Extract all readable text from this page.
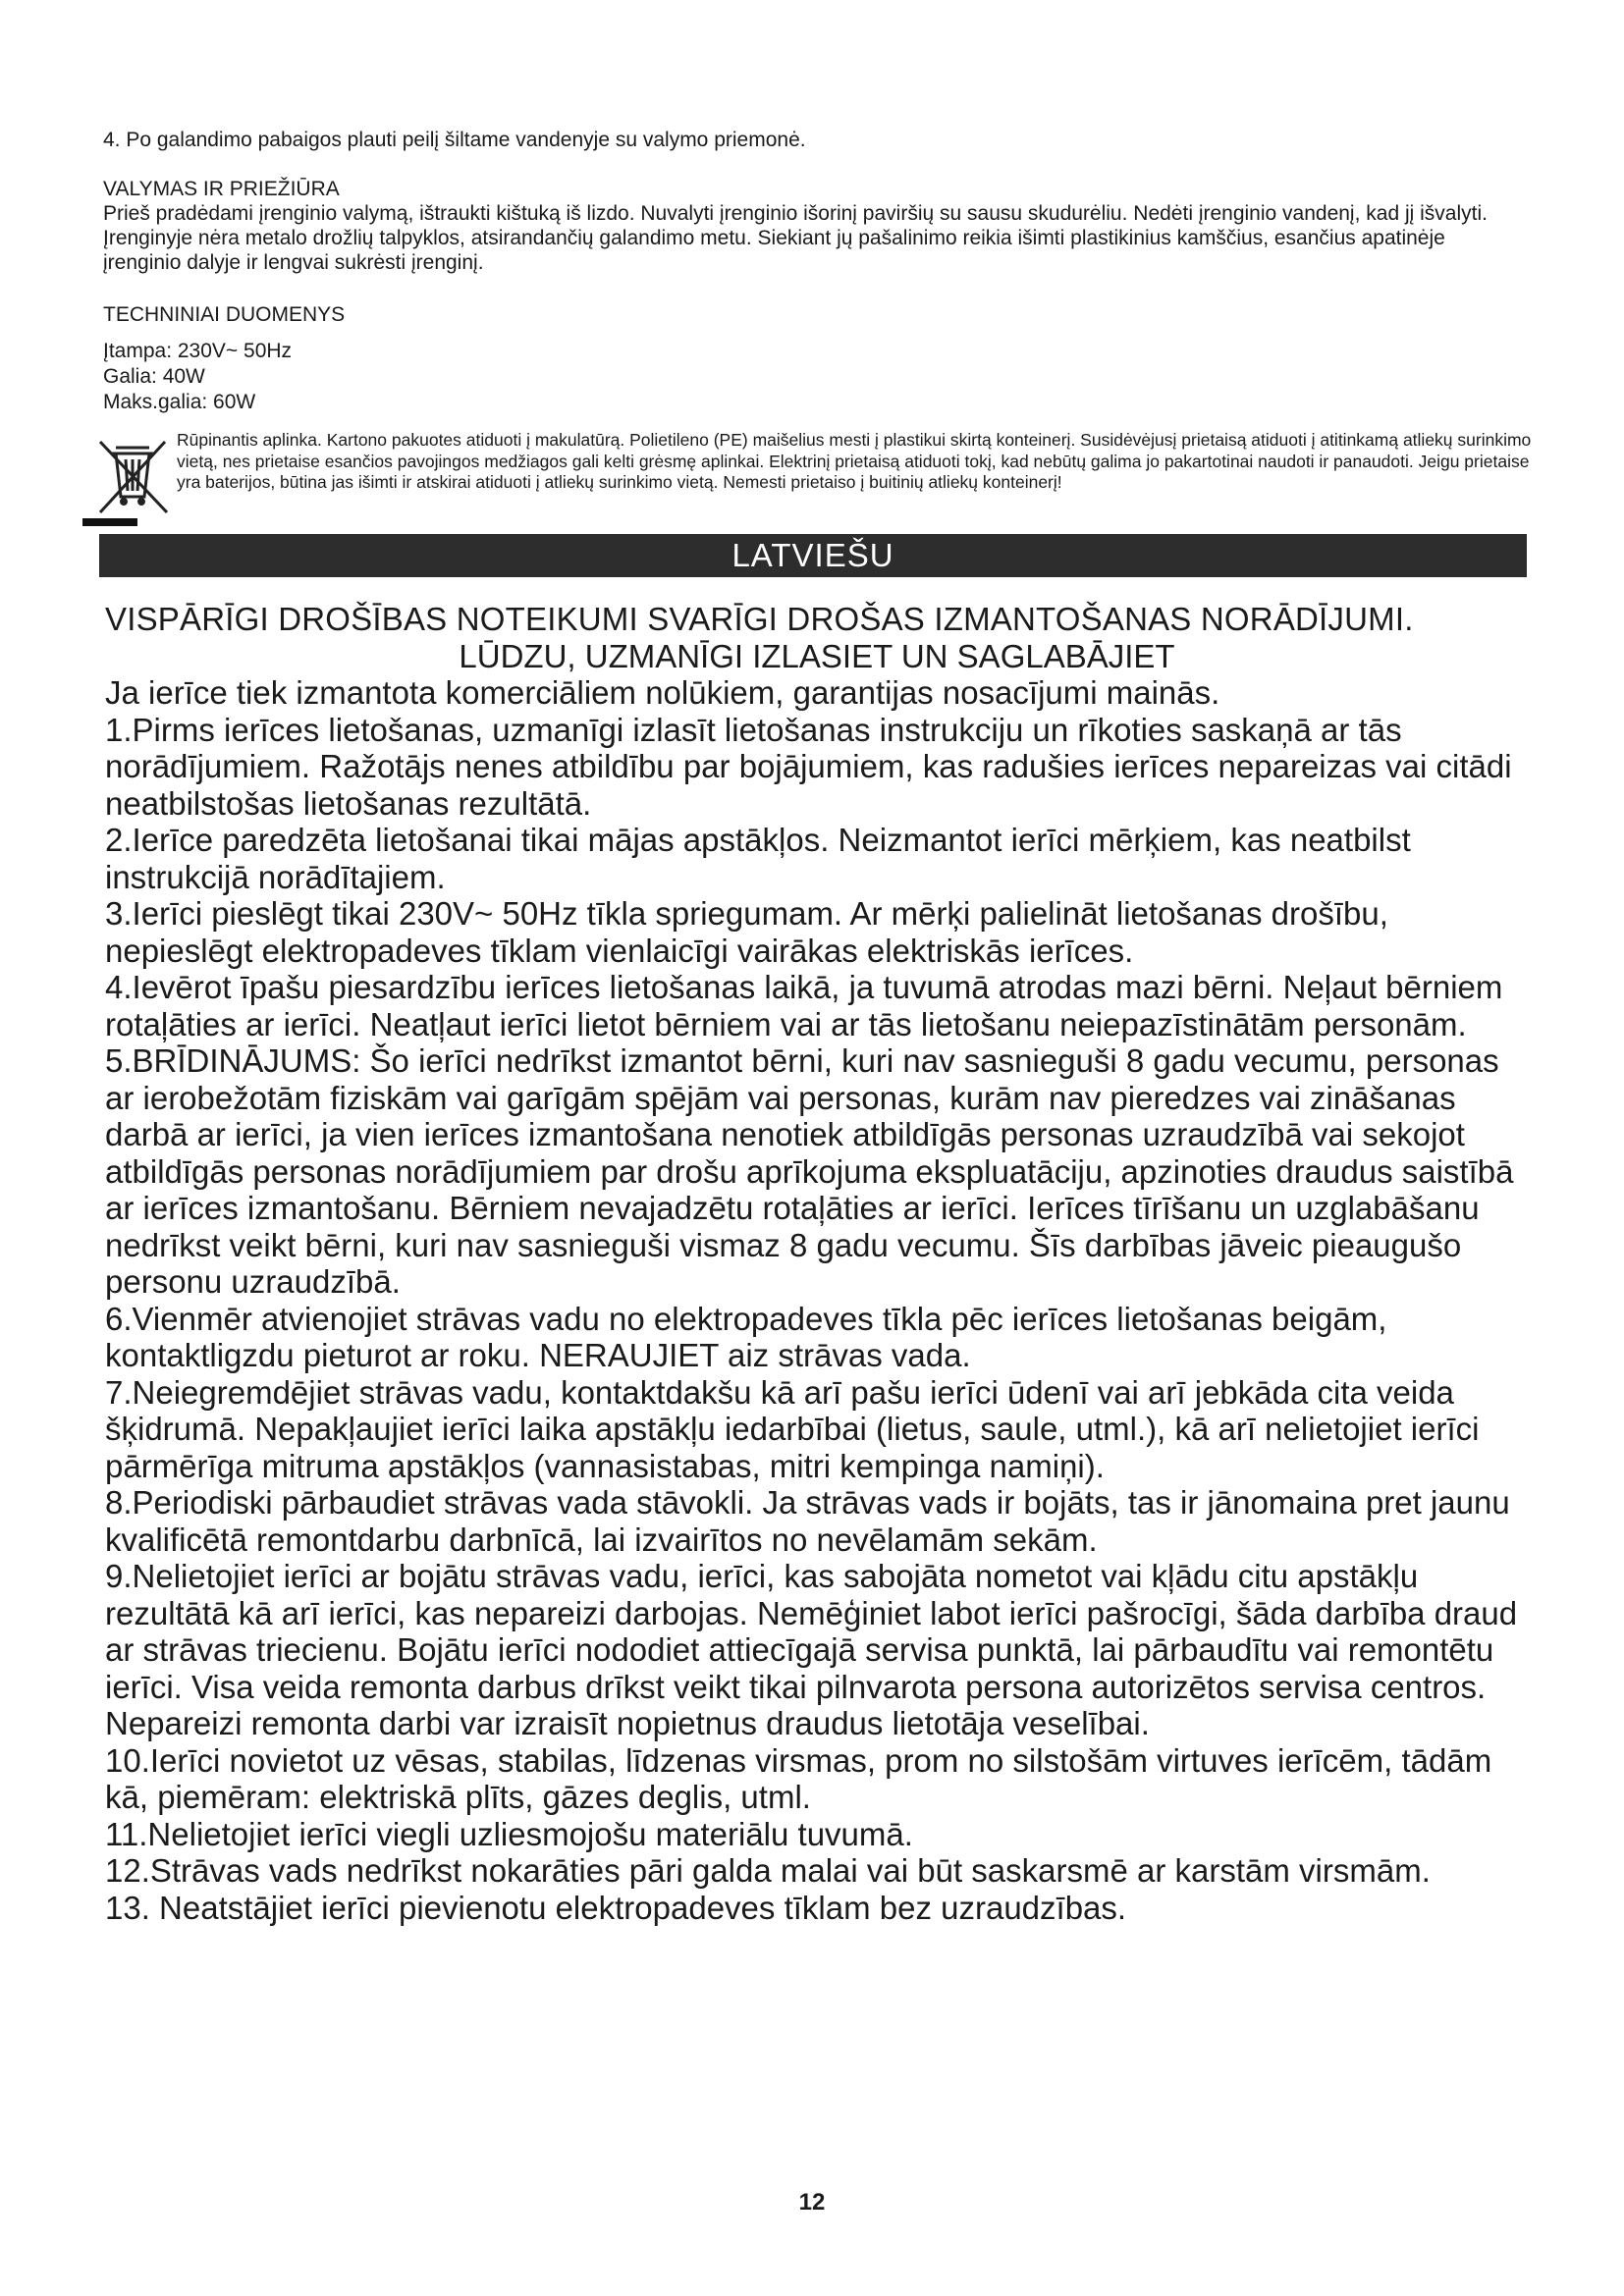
4. Po galandimo pabaigos plauti peilį šiltame vandenyje su valymo priemonė.

VALYMAS IR PRIEŽIŪRA

Prieš pradėdami įrenginio valymą, ištraukti kištuką iš lizdo. Nuvalyti įrenginio išorinį paviršių su sausu skudurėliu. Nedėti įrenginio vandenį, kad jį išvalyti. Įrenginyje nėra metalo drožlių talpyklos, atsirandančių galandimo metu. Siekiant jų pašalinimo reikia išimti plastikinius kamščius, esančius apatinėje įrenginio dalyje ir lengvai sukrėsti įrenginį.

TECHNINIAI DUOMENYS

Įtampa: 230V~ 50Hz

Galia: 40W

Maks.galia: 60W

Rūpinantis aplinka. Kartono pakuotes atiduoti į makulatūrą. Polietileno (PE) maišelius mesti į plastikui skirtą konteinerį. Susidėvėjusį prietaisą atiduoti į atitinkamą atliekų surinkimo vietą, nes prietaise esančios pavojingos medžiagos gali kelti grėsmę aplinkai. Elektrinį prietaisą atiduoti tokį, kad nebūtų galima jo pakartotinai naudoti ir panaudoti. Jeigu prietaise yra baterijos, būtina jas išimti ir atskirai atiduoti į atliekų surinkimo vietą. Nemesti prietaiso į buitinių atliekų konteinerį!
LATVIEŠU

VISPĀRĪGI DROŠĪBAS NOTEIKUMI SVARĪGI DROŠAS IZMANTOŠANAS NORĀDĪJUMI.

LŪDZU, UZMANĪGI IZLASIET UN SAGLABĀJIET

Ja ierīce tiek izmantota komerciāliem nolūkiem, garantijas nosacījumi mainās.

1.Pirms ierīces lietošanas, uzmanīgi izlasīt lietošanas instrukciju un rīkoties saskaņā ar tās norādījumiem. Ražotājs nenes atbildību par bojājumiem, kas radušies ierīces nepareizas vai citādi neatbilstošas lietošanas rezultātā.

2.Ierīce paredzēta lietošanai tikai mājas apstākļos. Neizmantot ierīci mērķiem, kas neatbilst instrukcijā norādītajiem.

3.Ierīci pieslēgt tikai 230V~ 50Hz tīkla spriegumam. Ar mērķi palielināt lietošanas drošību, nepieslēgt elektropadeves tīklam vienlaicīgi vairākas elektriskās ierīces.

4.Ievērot īpašu piesardzību ierīces lietošanas laikā, ja tuvumā atrodas mazi bērni. Neļaut bērniem rotaļāties ar ierīci. Neatļaut ierīci lietot bērniem vai ar tās lietošanu neiepazīstinātām personām.

5.BRĪDINĀJUMS: Šo ierīci nedrīkst izmantot bērni, kuri nav sasnieguši 8 gadu vecumu, personas ar ierobežotām fiziskām vai garīgām spējām vai personas, kurām nav pieredzes vai zināšanas darbā ar ierīci, ja vien ierīces izmantošana nenotiek atbildīgās personas uzraudzībā vai sekojot atbildīgās personas norādījumiem par drošu aprīkojuma ekspluatāciju, apzinoties draudus saistībā ar ierīces izmantošanu. Bērniem nevajadzētu rotaļāties ar ierīci. Ierīces tīrīšanu un uzglabāšanu nedrīkst veikt bērni, kuri nav sasnieguši vismaz 8 gadu vecumu. Šīs darbības jāveic pieaugušo personu uzraudzībā.

6.Vienmēr atvienojiet strāvas vadu no elektropadeves tīkla pēc ierīces lietošanas beigām, kontaktligzdu pieturot ar roku. NERAUJIET aiz strāvas vada.

7.Neiegremdējiet strāvas vadu, kontaktdakšu kā arī pašu ierīci ūdenī vai arī jebkāda cita veida šķidrumā. Nepakļaujiet ierīci laika apstākļu iedarbībai (lietus, saule, utml.), kā arī nelietojiet ierīci pārmērīga mitruma apstākļos (vannasistabas, mitri kempinga namiņi).

8.Periodiski pārbaudiet strāvas vada stāvokli. Ja strāvas vads ir bojāts, tas ir jānomaina pret jaunu kvalificētā remontdarbu darbnīcā, lai izvairītos no nevēlamām sekām.

9.Nelietojiet ierīci ar bojātu strāvas vadu, ierīci, kas sabojāta nometot vai kļādu citu apstākļu rezultātā kā arī ierīci, kas nepareizi darbojas. Nemēģiniet labot ierīci pašrocīgi, šāda darbība draud ar strāvas triecienu. Bojātu ierīci nododiet attiecīgajā servisa punktā, lai pārbaudītu vai remontētu ierīci. Visa veida remonta darbus drīkst veikt tikai pilnvarota persona autorizētos servisa centros. Nepareizi remonta darbi var izraisīt nopietnus draudus lietotāja veselībai.

10.Ierīci novietot uz vēsas, stabilas, līdzenas virsmas, prom no silstošām virtuves ierīcēm, tādām kā, piemēram: elektriskā plīts, gāzes deglis, utml.

11.Nelietojiet ierīci viegli uzliesmojošu materiālu tuvumā.

12.Strāvas vads nedrīkst nokarāties pāri galda malai vai būt saskarsmē ar karstām virsmām.

13. Neatstājiet ierīci pievienotu elektropadeves tīklam bez uzraudzības.

12
